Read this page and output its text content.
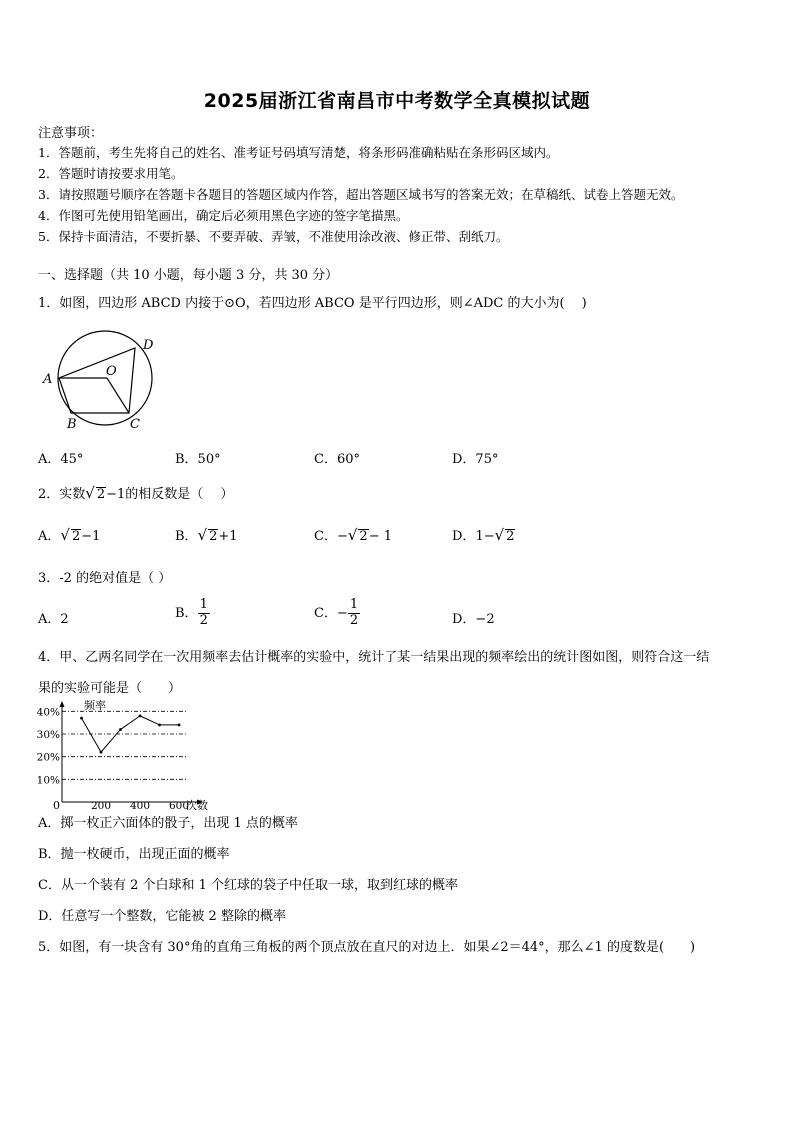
2025届浙江省南昌市中考数学全真模拟试题
注意事项：
1．答题前，考生先将自己的姓名、准考证号码填写清楚，将条形码准确粘贴在条形码区域内。
2．答题时请按要求用笔。
3．请按照题号顺序在答题卡各题目的答题区域内作答，超出答题区域书写的答案无效；在草稿纸、试卷上答题无效。
4．作图可先使用铅笔画出，确定后必须用黑色字迹的签字笔描黑。
5．保持卡面清洁，不要折暴、不要弄破、弄皱，不准使用涂改液、修正带、刮纸刀。
一、选择题（共 10 小题，每小题 3 分，共 30 分）
1．如图，四边形 ABCD 内接于⊙O，若四边形 ABCO 是平行四边形，则∠ADC 的大小为(　 )
A
B	C
D
O
A．45°	B．50°	C．60°	D．75°
2．实数√ 2−1的相反数是（　 ）
A．√ 2−1	B．√ 2+1	C．−√ 2− 1	D．1−√ 2
3．-2 的绝对值是（ ）
A．2	B． $\frac{1}{2}$	C．− $\frac{1}{2}$	D．−2
4．甲、乙两名同学在一次用频率去估计概率的实验中，统计了某一结果出现的频率绘出的统计图如图，则符合这一结
果的实验可能是（　　）
频率
次数
0
10%
20%
30%
40%
200 400 600
A．掷一枚正六面体的骰子，出现 1 点的概率
B．抛一枚硬币，出现正面的概率
C．从一个装有 2 个白球和 1 个红球的袋子中任取一球，取到红球的概率
D．任意写一个整数，它能被 2 整除的概率
5．如图，有一块含有 30°角的直角三角板的两个顶点放在直尺的对边上．如果∠2＝44°，那么∠1 的度数是(　　)
